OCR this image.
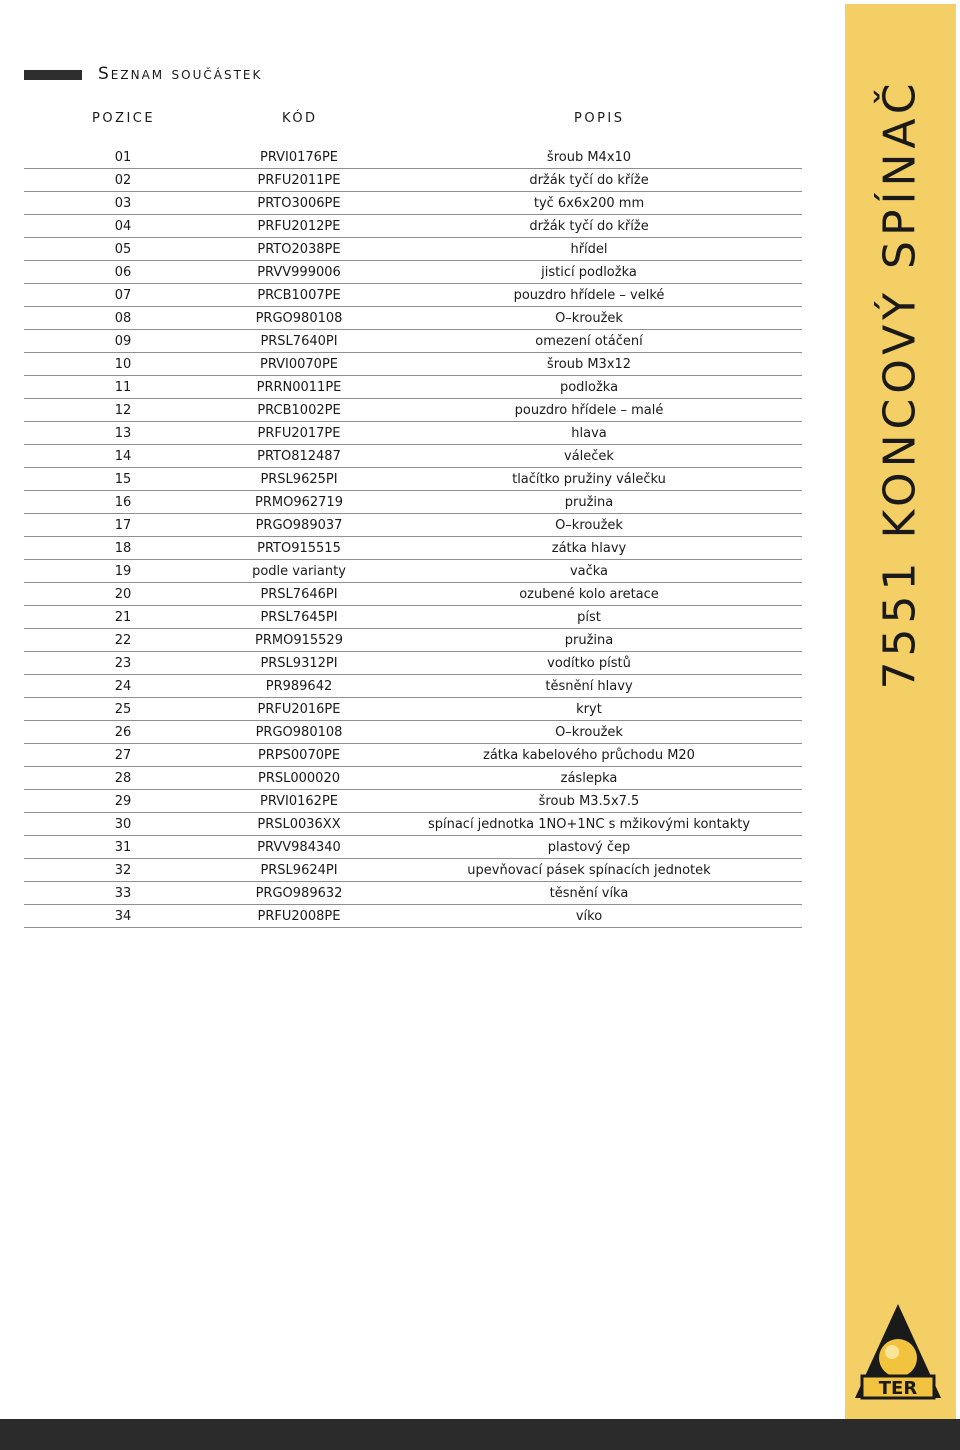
Seznam součástek
POZICE	KÓD	POPIS
01	PRVI0176PE	šroub M4x10
02	PRFU2011PE	držák tyčí do kříže
03	PRTO3006PE	tyč 6x6x200 mm
04	PRFU2012PE	držák tyčí do kříže
05	PRTO2038PE	hřídel
06	PRVV999006	jisticí podložka
07	PRCB1007PE	pouzdro hřídele – velké
08	PRGO980108	O–kroužek
09	PRSL7640PI	omezení otáčení
10	PRVI0070PE	šroub M3x12
11	PRRN0011PE	podložka
12	PRCB1002PE	pouzdro hřídele – malé
13	PRFU2017PE	hlava
14	PRTO812487	váleček
15	PRSL9625PI	tlačítko pružiny válečku
16	PRMO962719	pružina
17	PRGO989037	O–kroužek
18	PRTO915515	zátka hlavy
19	podle varianty	vačka
20	PRSL7646PI	ozubené kolo aretace
21	PRSL7645PI	píst
22	PRMO915529	pružina
23	PRSL9312PI	vodítko pístů
24	PR989642	těsnění hlavy
25	PRFU2016PE	kryt
26	PRGO980108	O–kroužek
27	PRPS0070PE	zátka kabelového průchodu M20
28	PRSL000020	záslepka
29	PRVI0162PE	šroub M3.5x7.5
30	PRSL0036XX	spínací jednotka 1NO+1NC s mžikovými kontakty
31	PRVV984340	plastový čep
32	PRSL9624PI	upevňovací pásek spínacích jednotek
33	PRGO989632	těsnění víka
34	PRFU2008PE	víko
7551 KONCOVÝ SPÍNAČ
TER
